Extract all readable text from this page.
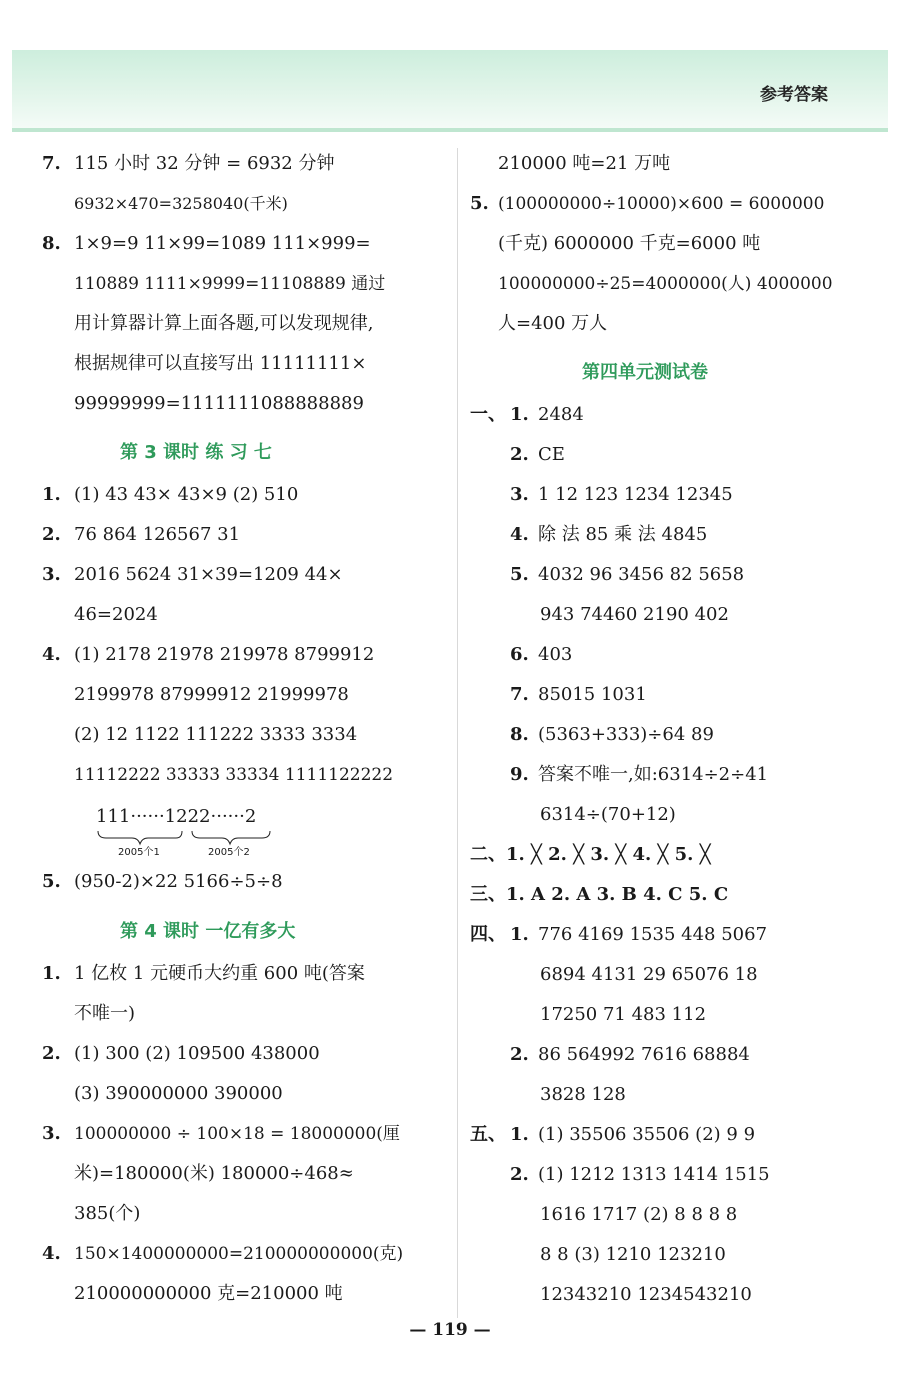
参考答案
7. 115 小时 32 分钟 = 6932 分钟
6932×470=3258040(千米)
8. 1×9=9 11×99=1089 111×999=
110889 1111×9999=11108889 通过
用计算器计算上面各题,可以发现规律,
根据规律可以直接写出 11111111×
99999999=1111111088888889
第 3 课时 练 习 七
1. (1) 43 43× 43×9 (2) 510
2. 76 864 126567 31
3. 2016 5624 31×39=1209 44×
46=2024
4. (1) 2178 21978 219978 8799912
2199978 87999912 21999978
(2) 12 1122 111222 3333 3334
11112222 33333 33334 1111122222
111······1222······2
2005个1	2005个2
5. (950-2)×22 5166÷5÷8
第 4 课时 一亿有多大
1. 1 亿枚 1 元硬币大约重 600 吨(答案
不唯一)
2. (1) 300 (2) 109500 438000
(3) 390000000 390000
3. 100000000 ÷ 100×18 = 18000000(厘
米)=180000(米) 180000÷468≈
385(个)
4. 150×1400000000=210000000000(克)
210000000000 克=210000 吨
210000 吨=21 万吨
5. (100000000÷10000)×600 = 6000000
(千克) 6000000 千克=6000 吨
100000000÷25=4000000(人) 4000000
人=400 万人
第四单元测试卷
一、 1. 2484
2. CE
3. 1 12 123 1234 12345
4. 除 法 85 乘 法 4845
5. 4032 96 3456 82 5658
943 74460 2190 402
6. 403
7. 85015 1031
8. (5363+333)÷64 89
9. 答案不唯一,如:6314÷2÷41
6314÷(70+12)
二、1. ╳ 2. ╳ 3. ╳ 4. ╳ 5. ╳
三、1. A 2. A 3. B 4. C 5. C
四、 1. 776 4169 1535 448 5067
6894 4131 29 65076 18
17250 71 483 112
2. 86 564992 7616 68884
3828 128
五、 1. (1) 35506 35506 (2) 9 9
2. (1) 1212 1313 1414 1515
1616 1717 (2) 8 8 8 8
8 8 (3) 1210 123210
12343210 1234543210
— 119 —
